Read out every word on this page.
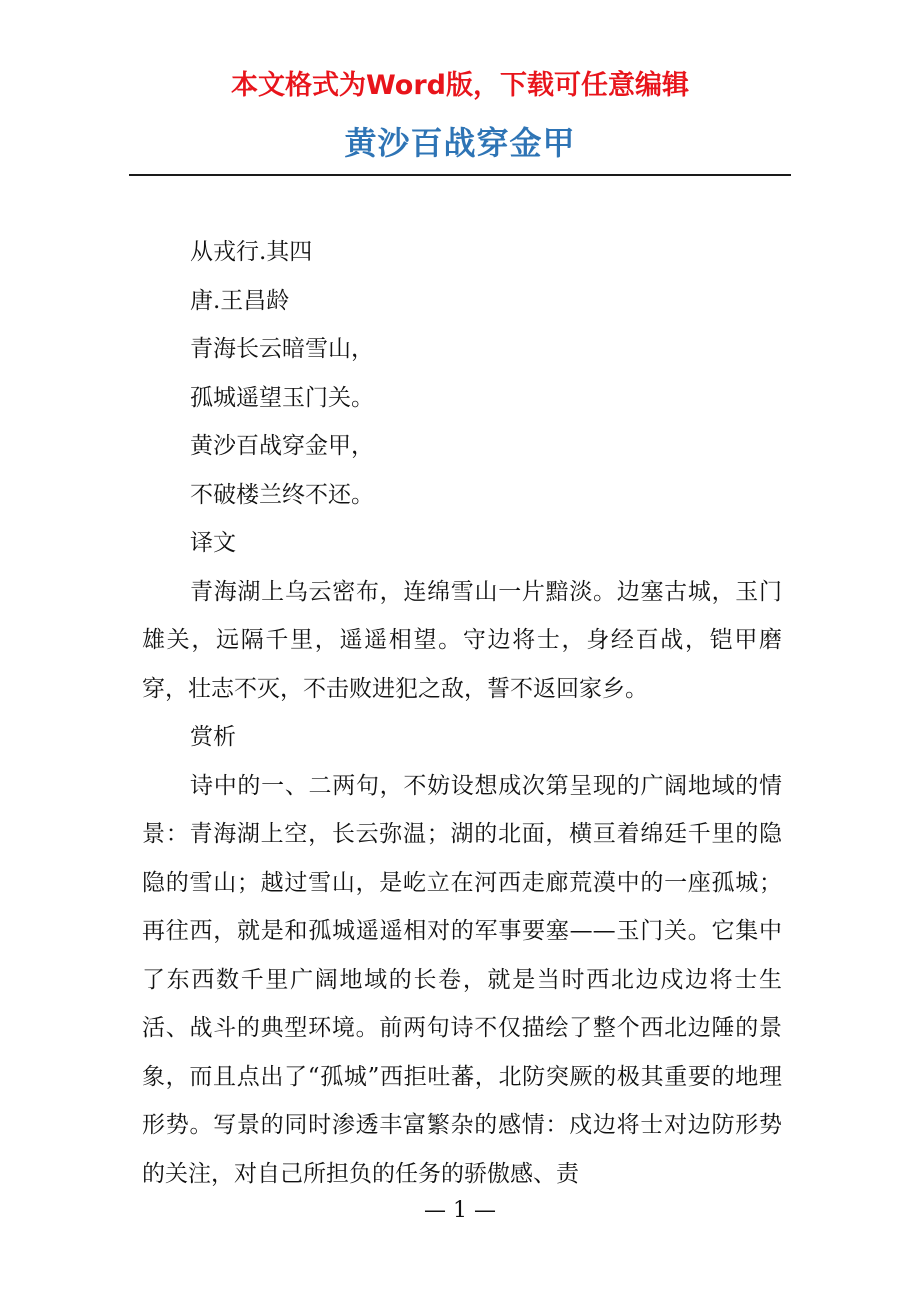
本文格式为Word版，下载可任意编辑
黄沙百战穿金甲

从戎行.其四

唐.王昌龄

青海长云暗雪山，

孤城遥望玉门关。

黄沙百战穿金甲，

不破楼兰终不还。

译文

青海湖上乌云密布，连绵雪山一片黯淡。边塞古城，玉门雄关，远隔千里，遥遥相望。守边将士，身经百战，铠甲磨穿，壮志不灭，不击败进犯之敌，誓不返回家乡。

赏析

诗中的一、二两句，不妨设想成次第呈现的广阔地域的情景：青海湖上空，长云弥温；湖的北面，横亘着绵廷千里的隐隐的雪山；越过雪山，是屹立在河西走廊荒漠中的一座孤城；再往西，就是和孤城遥遥相对的军事要塞——玉门关。它集中了东西数千里广阔地域的长卷，就是当时西北边戍边将士生活、战斗的典型环境。前两句诗不仅描绘了整个西北边陲的景象，而且点出了“孤城”西拒吐蕃，北防突厥的极其重要的地理形势。写景的同时渗透丰富繁杂的感情：戍边将士对边防形势的关注，对自己所担负的任务的骄傲感、责

— 1 —
